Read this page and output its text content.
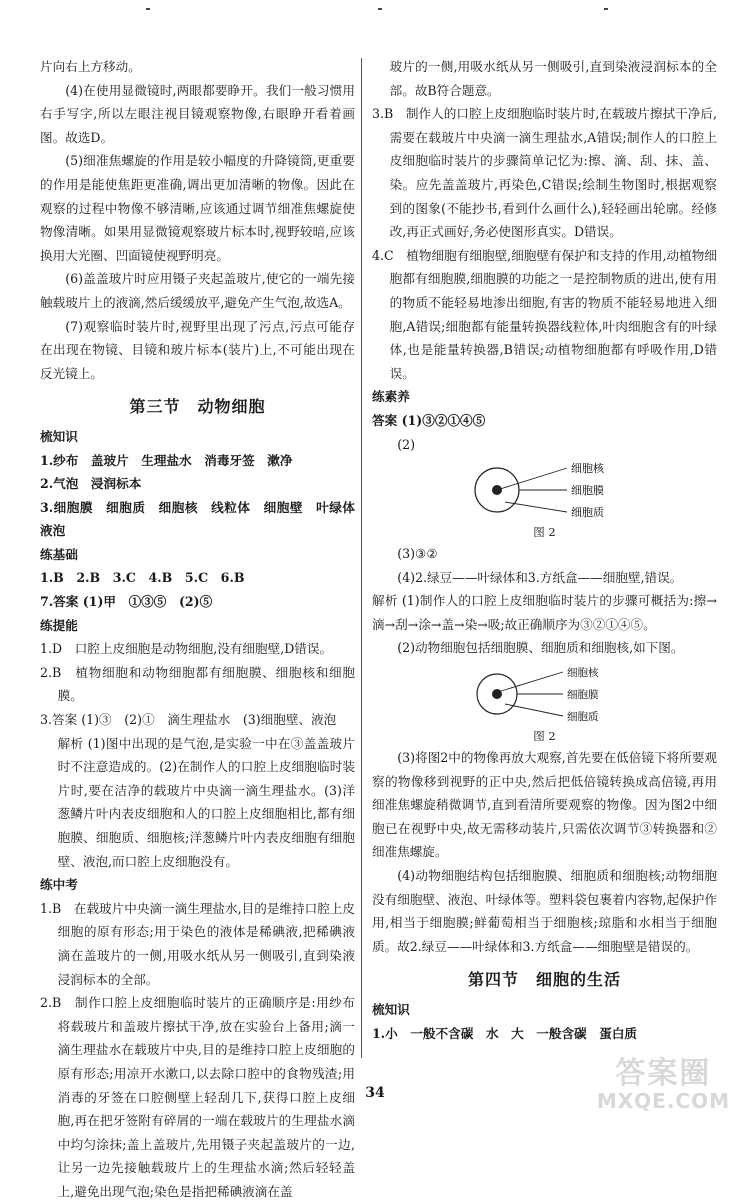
片向右上方移动。

(4)在使用显微镜时,两眼都要睁开。我们一般习惯用右手写字,所以左眼注视目镜观察物像,右眼睁开看着画图。故选D。

(5)细准焦螺旋的作用是较小幅度的升降镜筒,更重要的作用是能使焦距更准确,调出更加清晰的物像。因此在观察的过程中物像不够清晰,应该通过调节细准焦螺旋使物像清晰。如果用显微镜观察玻片标本时,视野较暗,应该换用大光圈、凹面镜使视野明亮。

(6)盖盖玻片时应用镊子夹起盖玻片,使它的一端先接触载玻片上的液滴,然后缓缓放平,避免产生气泡,故选A。

(7)观察临时装片时,视野里出现了污点,污点可能存在出现在物镜、目镜和玻片标本(装片)上,不可能出现在反光镜上。

第三节　动物细胞
梳知识

1.纱布　盖玻片　生理盐水　消毒牙签　漱净

2.气泡　浸润标本

3.细胞膜　细胞质　细胞核　线粒体　细胞壁　叶绿体液泡

练基础

1.B　2.B　3.C　4.B　5.C　6.B

7.答案 (1)甲　①③⑤　(2)⑤

练提能

1.D　口腔上皮细胞是动物细胞,没有细胞壁,D错误。

2.B　植物细胞和动物细胞都有细胞膜、细胞核和细胞膜。

3.答案 (1)③　(2)①　滴生理盐水　(3)细胞壁、液泡

解析 (1)图中出现的是气泡,是实验一中在③盖盖玻片时不注意造成的。(2)在制作人的口腔上皮细胞临时装片时,要在洁净的载玻片中央滴一滴生理盐水。(3)洋葱鳞片叶内表皮细胞和人的口腔上皮细胞相比,都有细胞膜、细胞质、细胞核;洋葱鳞片叶内表皮细胞有细胞壁、液泡,而口腔上皮细胞没有。

练中考

1.B　在载玻片中央滴一滴生理盐水,目的是维持口腔上皮细胞的原有形态;用于染色的液体是稀碘液,把稀碘液滴在盖玻片的一侧,用吸水纸从另一侧吸引,直到染液浸润标本的全部。

2.B　制作口腔上皮细胞临时装片的正确顺序是:用纱布将载玻片和盖玻片擦拭干净,放在实验台上备用;滴一滴生理盐水在载玻片中央,目的是维持口腔上皮细胞的原有形态;用凉开水漱口,以去除口腔中的食物残渣;用消毒的牙签在口腔侧壁上轻刮几下,获得口腔上皮细胞,再在把牙签附有碎屑的一端在载玻片的生理盐水滴中均匀涂抹;盖上盖玻片,先用镊子夹起盖玻片的一边,让另一边先接触载玻片上的生理盐水滴;然后轻轻盖上,避免出现气泡;染色是指把稀碘液滴在盖

玻片的一侧,用吸水纸从另一侧吸引,直到染液浸润标本的全部。故B符合题意。

3.B　制作人的口腔上皮细胞临时装片时,在载玻片擦拭干净后,需要在载玻片中央滴一滴生理盐水,A错误;制作人的口腔上皮细胞临时装片的步骤简单记忆为:擦、滴、刮、抹、盖、染。应先盖盖玻片,再染色,C错误;绘制生物图时,根据观察到的图象(不能抄书,看到什么画什么),轻轻画出轮廓。经修改,再正式画好,务必使图形真实。D错误。

4.C　植物细胞有细胞壁,细胞壁有保护和支持的作用,动植物细胞都有细胞膜,细胞膜的功能之一是控制物质的进出,使有用的物质不能轻易地渗出细胞,有害的物质不能轻易地进入细胞,A错误;细胞都有能量转换器线粒体,叶肉细胞含有的叶绿体,也是能量转换器,B错误;动植物细胞都有呼吸作用,D错误。

练素养

答案 (1)③②①④⑤

(2)

细胞核
细胞膜
细胞质
图 2

(3)③②

(4)2.绿豆——叶绿体和3.方纸盒——细胞壁,错误。

解析 (1)制作人的口腔上皮细胞临时装片的步骤可概括为:擦→滴→刮→涂→盖→染→吸;故正确顺序为③②①④⑤。

(2)动物细胞包括细胞膜、细胞质和细胞核,如下图。

细胞核
细胞膜
细胞质
图 2

(3)将图2中的物像再放大观察,首先要在低倍镜下将所要观察的物像移到视野的正中央,然后把低倍镜转换成高倍镜,再用细准焦螺旋稍微调节,直到看清所要观察的物像。因为图2中细胞已在视野中央,故无需移动装片,只需依次调节③转换器和②细准焦螺旋。

(4)动物细胞结构包括细胞膜、细胞质和细胞核;动物细胞没有细胞壁、液泡、叶绿体等。塑料袋包裹着内容物,起保护作用,相当于细胞膜;鲜葡萄相当于细胞核;琼脂和水相当于细胞质。故2.绿豆——叶绿体和3.方纸盒——细胞壁是错误的。

第四节　细胞的生活
梳知识

1.小　一般不含碳　水　大　一般含碳　蛋白质

34
答案圈
MXQE.COM
